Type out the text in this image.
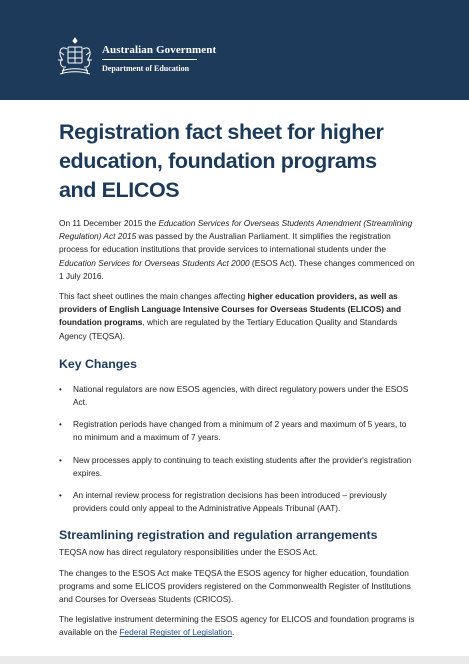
Australian Government
Department of Education
Registration fact sheet for higher education, foundation programs and ELICOS

On 11 December 2015 the Education Services for Overseas Students Amendment (Streamlining Regulation) Act 2015 was passed by the Australian Parliament. It simplifies the registration process for education institutions that provide services to international students under the Education Services for Overseas Students Act 2000 (ESOS Act). These changes commenced on 1 July 2016.

This fact sheet outlines the main changes affecting higher education providers, as well as providers of English Language Intensive Courses for Overseas Students (ELICOS) and foundation programs, which are regulated by the Tertiary Education Quality and Standards Agency (TEQSA).

Key Changes
• National regulators are now ESOS agencies, with direct regulatory powers under the ESOS Act.
• Registration periods have changed from a minimum of 2 years and maximum of 5 years, to no minimum and a maximum of 7 years.
• New processes apply to continuing to teach existing students after the provider's registration expires.
• An internal review process for registration decisions has been introduced – previously providers could only appeal to the Administrative Appeals Tribunal (AAT).
Streamlining registration and regulation arrangements

TEQSA now has direct regulatory responsibilities under the ESOS Act.

The changes to the ESOS Act make TEQSA the ESOS agency for higher education, foundation programs and some ELICOS providers registered on the Commonwealth Register of Institutions and Courses for Overseas Students (CRICOS).

The legislative instrument determining the ESOS agency for ELICOS and foundation programs is available on the Federal Register of Legislation.
